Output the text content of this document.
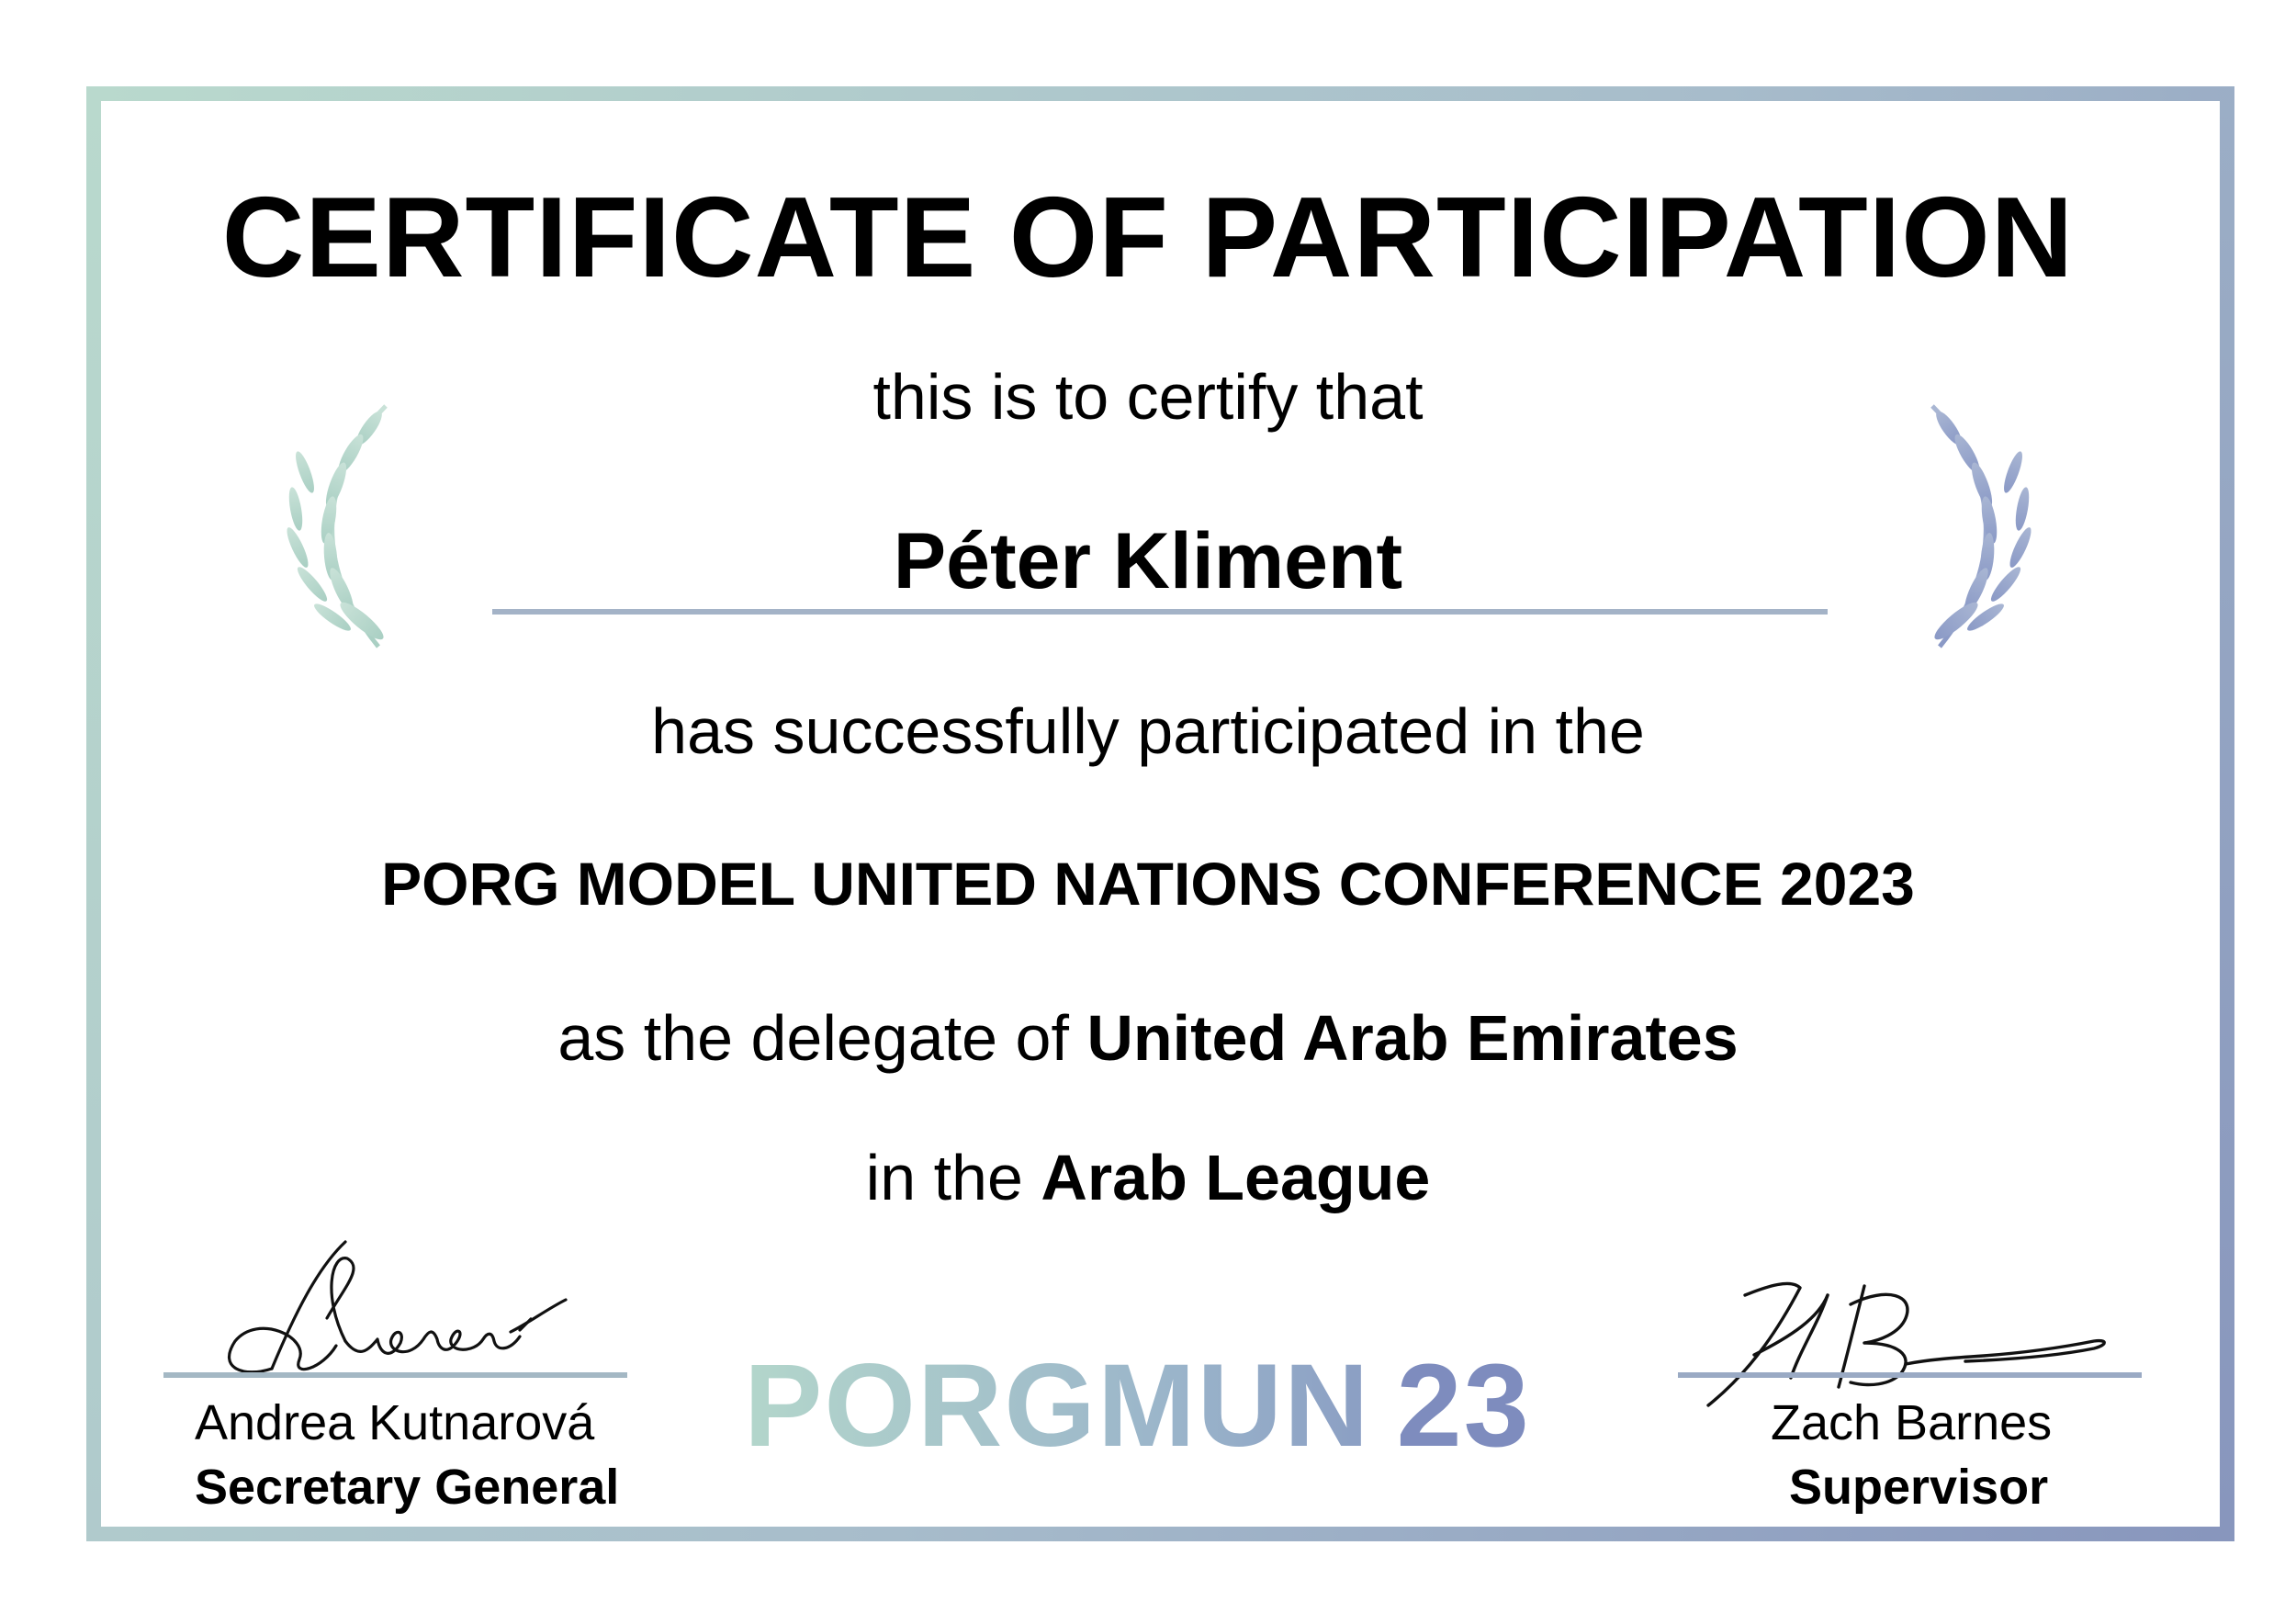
CERTIFICATE OF PARTICIPATION
this is to certify that
Péter Kliment
has successfully participated in the
PORG MODEL UNITED NATIONS CONFERENCE 2023
as the delegate of United Arab Emirates
in the Arab League
Andrea Kutnarová
Secretary General
PORGMUN 23	Zach Barnes
Supervisor
